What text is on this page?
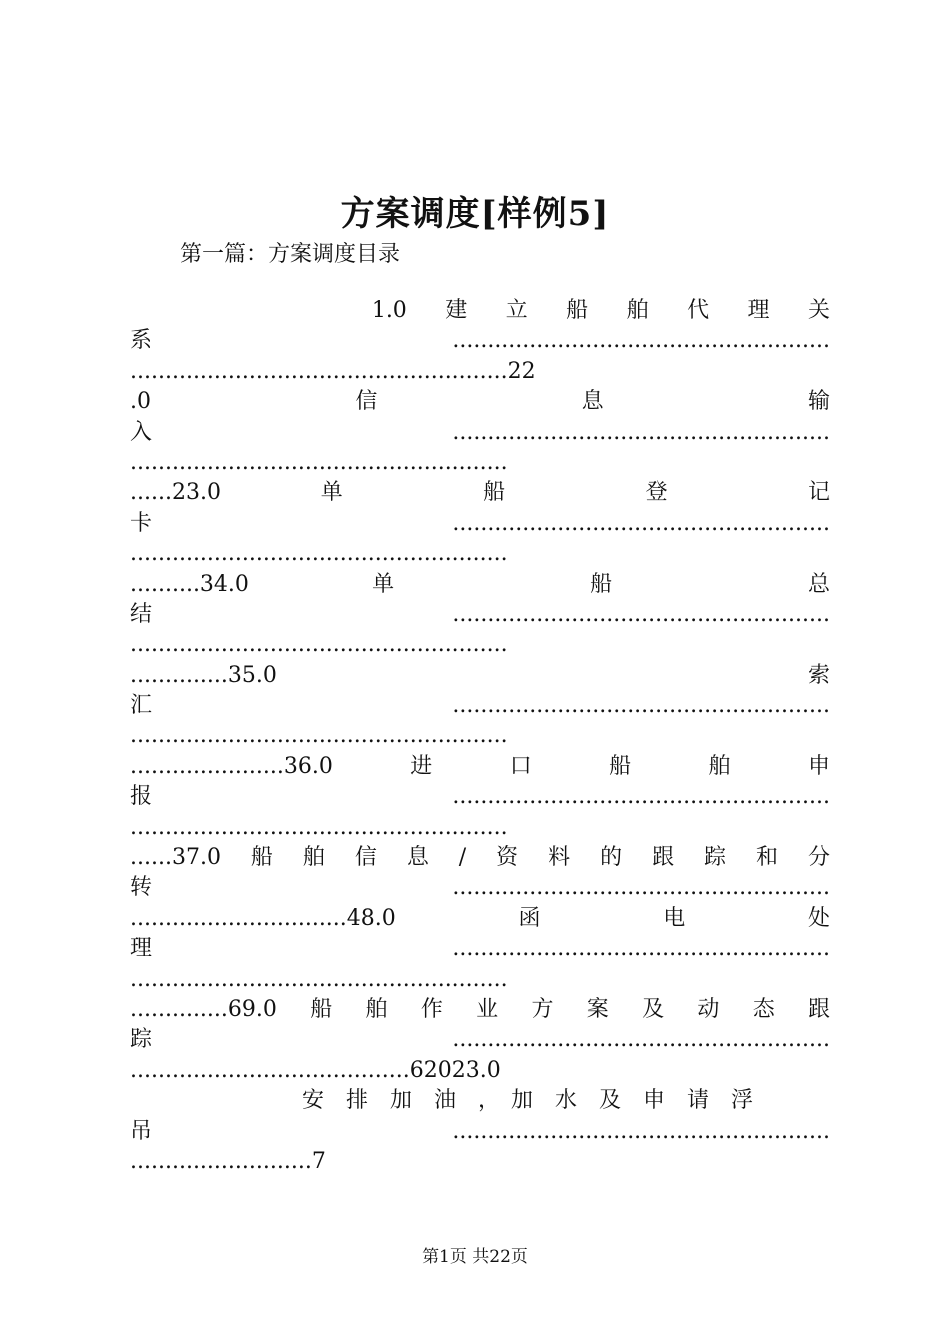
方案调度[样例5]
第一篇：方案调度目录
　　　　　　　　1.0　建　立　船　舶　代　理　关
系......................................................
......................................................22
.0　　　　　信　　　　　息　　　　　输
入......................................................
......................................................
......23.0　　单　　　船　　　登　　　记
卡......................................................
......................................................
..........34.0　　　单　　　　　船　　　　　总
结......................................................
......................................................
..............35.0　　　　　　　　　　　　　　索
汇......................................................
......................................................
......................36.0　进　口　船　舶　申
报......................................................
......................................................
......37.0　船　舶　信　息　/　资　料　的　跟　踪　和　分
转......................................................
...............................48.0　　函　　电　　处
理......................................................
......................................................
..............69.0　船　舶　作　业　方　案　及　动　态　跟
踪......................................................
........................................62023.0
安　排　加　油　，　加　水　及　申　请　浮
吊......................................................
..........................7
第1页 共22页
